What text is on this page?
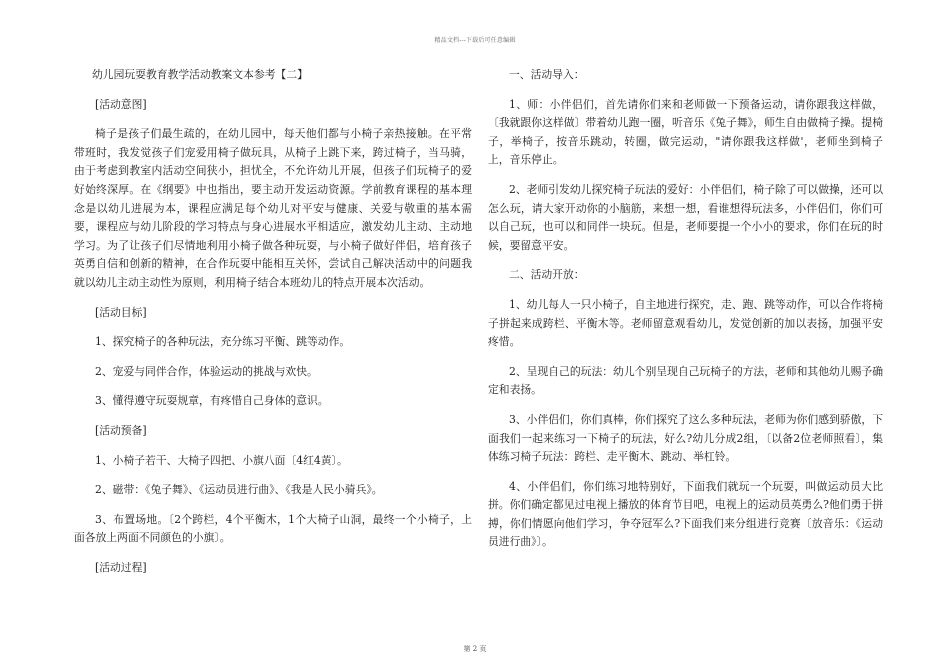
精品文档---下载后可任意编辑

幼儿园玩耍教育教学活动教案文本参考【二】

[活动意图]

椅子是孩子们最生疏的，在幼儿园中，每天他们都与小椅子亲热接触。在平常带班时，我发觉孩子们宠爱用椅子做玩具，从椅子上跳下来，跨过椅子，当马骑，由于考虑到教室内活动空间狭小，担忧全，不允许幼儿开展，但孩子们玩椅子的爱好始终深厚。在《纲要》中也指出，要主动开发运动资源。学前教育课程的基本理念是以幼儿进展为本，课程应满足每个幼儿对平安与健康、关爱与敬重的基本需要，课程应与幼儿阶段的学习特点与身心进展水平相适应，激发幼儿主动、主动地学习。为了让孩子们尽情地利用小椅子做各种玩耍，与小椅子做好伴侣，培育孩子英勇自信和创新的精神，在合作玩耍中能相互关怀，尝试自己解决活动中的问题我就以幼儿主动主动性为原则，利用椅子结合本班幼儿的特点开展本次活动。

[活动目标]

1、探究椅子的各种玩法，充分练习平衡、跳等动作。

2、宠爱与同伴合作，体验运动的挑战与欢快。

3、懂得遵守玩耍规章，有疼惜自己身体的意识。

[活动预备]

1、小椅子若干、大椅子四把、小旗八面〔4红4黄〕。

2、磁带：《兔子舞》、《运动员进行曲》、《我是人民小骑兵》。

3、布置场地。〔2个跨栏，4个平衡木，1个大椅子山洞，最终一个小椅子，上面各放上两面不同颜色的小旗〕。

[活动过程]

一、活动导入：

1、师：小伴侣们，首先请你们来和老师做一下预备运动，请你跟我这样做，〔我就跟你这样做〕带着幼儿跑一圈，听音乐《兔子舞》，师生自由做椅子操。提椅子，举椅子，按音乐跳动，转圈，做完运动，"请你跟我这样做'，老师坐到椅子上，音乐停止。

2、老师引发幼儿探究椅子玩法的爱好：小伴侣们，椅子除了可以做操，还可以怎么玩，请大家开动你的小脑筋，来想一想，看谁想得玩法多，小伴侣们，你们可以自己玩，也可以和同伴一块玩。但是，老师要提一个小小的要求，你们在玩的时候，要留意平安。

二、活动开放：

1、幼儿每人一只小椅子，自主地进行探究，走、跑、跳等动作，可以合作将椅子拼起来成跨栏、平衡木等。老师留意观看幼儿，发觉创新的加以表扬，加强平安疼惜。

2、呈现自己的玩法：幼儿个别呈现自己玩椅子的方法，老师和其他幼儿赐予确定和表扬。

3、小伴侣们，你们真棒，你们探究了这么多种玩法，老师为你们感到骄傲，下面我们一起来练习一下椅子的玩法，好么?幼儿分成2组，〔以备2位老师照看〕，集体练习椅子玩法：跨栏、走平衡木、跳动、举杠铃。

4、小伴侣们，你们练习地特别好，下面我们就玩一个玩耍，叫做运动员大比拼。你们确定都见过电视上播放的体育节目吧，电视上的运动员英勇么?他们勇于拼搏，你们情愿向他们学习，争夺冠军么?下面我们来分组进行竞赛〔放音乐：《运动员进行曲》〕。

第 2 页
